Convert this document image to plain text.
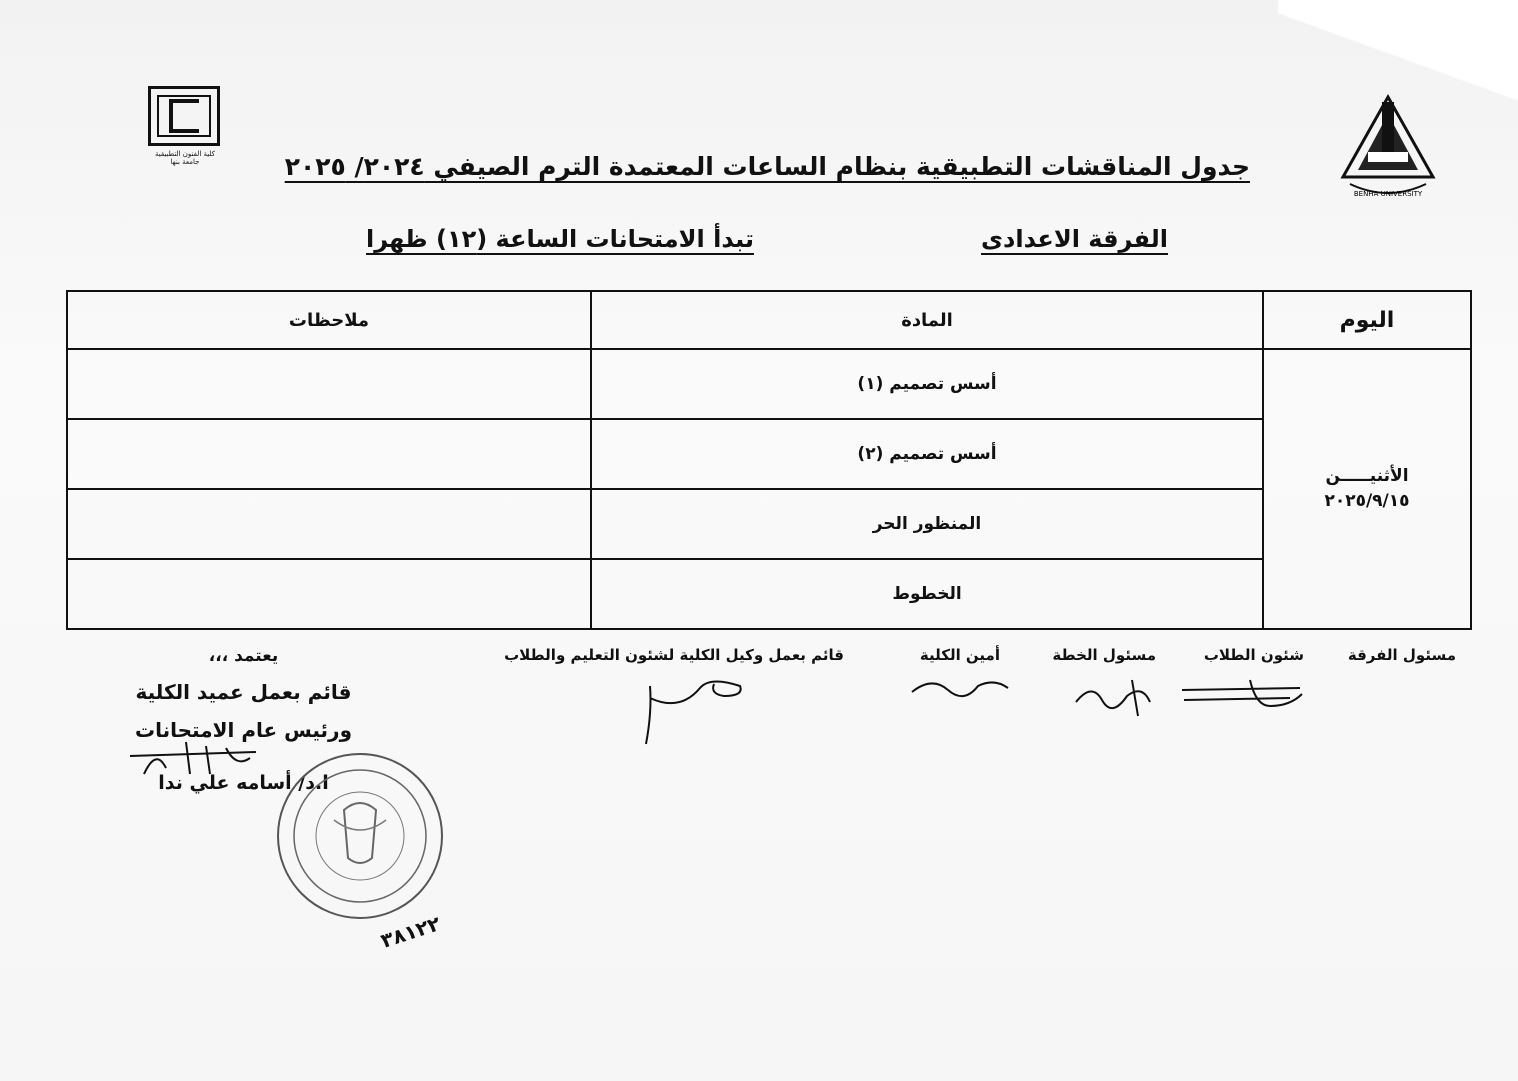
كلية الفنون التطبيقية جامعة بنها
BENHA UNIVERSITY
جدول المناقشات التطبيقية بنظام الساعات المعتمدة الترم الصيفي ٢٠٢٤/ ٢٠٢٥
الفرقة الاعدادى
تبدأ الامتحانات الساعة (١٢) ظهرا
اليوم	المادة	ملاحظات

الأثنيـــــن
٢٠٢٥/٩/١٥	أسس تصميم (١)	
	أسس تصميم (٢)	
	المنظور الحر	
	الخطوط	
مسئول الفرقة
شئون الطلاب
مسئول الخطة
أمين الكلية
قائم بعمل وكيل الكلية لشئون التعليم والطلاب
يعتمد ،،،
قائم بعمل عميد الكلية
ورئيس عام الامتحانات
ا.د/ أسامه علي ندا
٣٨١٢٢
